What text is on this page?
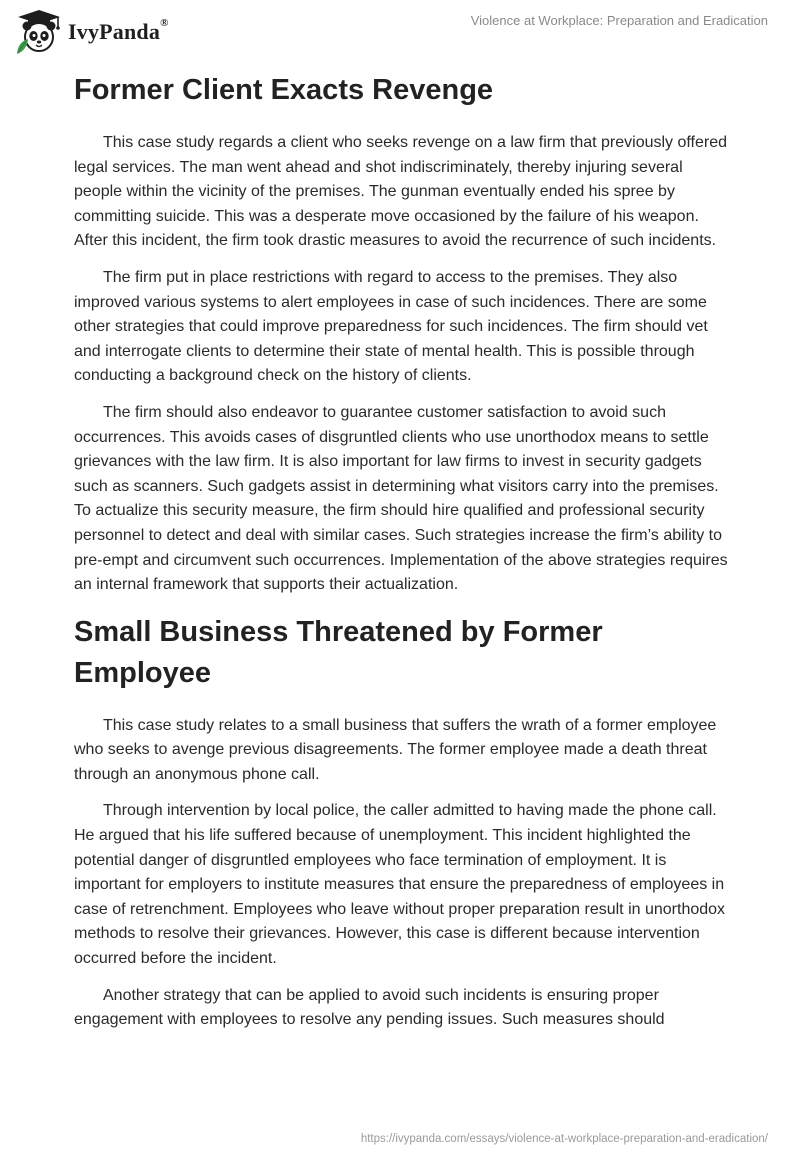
IvyPanda®	Violence at Workplace: Preparation and Eradication
Former Client Exacts Revenge

This case study regards a client who seeks revenge on a law firm that previously offered legal services. The man went ahead and shot indiscriminately, thereby injuring several people within the vicinity of the premises. The gunman eventually ended his spree by committing suicide. This was a desperate move occasioned by the failure of his weapon. After this incident, the firm took drastic measures to avoid the recurrence of such incidents.

The firm put in place restrictions with regard to access to the premises. They also improved various systems to alert employees in case of such incidences. There are some other strategies that could improve preparedness for such incidences. The firm should vet and interrogate clients to determine their state of mental health. This is possible through conducting a background check on the history of clients.

The firm should also endeavor to guarantee customer satisfaction to avoid such occurrences. This avoids cases of disgruntled clients who use unorthodox means to settle grievances with the law firm. It is also important for law firms to invest in security gadgets such as scanners. Such gadgets assist in determining what visitors carry into the premises. To actualize this security measure, the firm should hire qualified and professional security personnel to detect and deal with similar cases. Such strategies increase the firm’s ability to pre-empt and circumvent such occurrences. Implementation of the above strategies requires an internal framework that supports their actualization.

Small Business Threatened by Former Employee

This case study relates to a small business that suffers the wrath of a former employee who seeks to avenge previous disagreements. The former employee made a death threat through an anonymous phone call.

Through intervention by local police, the caller admitted to having made the phone call. He argued that his life suffered because of unemployment. This incident highlighted the potential danger of disgruntled employees who face termination of employment. It is important for employers to institute measures that ensure the preparedness of employees in case of retrenchment. Employees who leave without proper preparation result in unorthodox methods to resolve their grievances. However, this case is different because intervention occurred before the incident.

Another strategy that can be applied to avoid such incidents is ensuring proper engagement with employees to resolve any pending issues. Such measures should

https://ivypanda.com/essays/violence-at-workplace-preparation-and-eradication/
